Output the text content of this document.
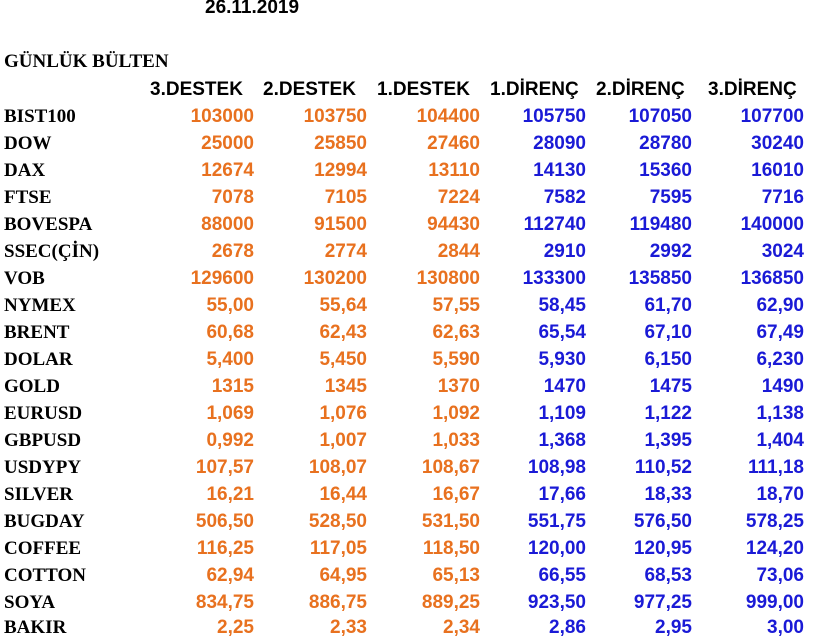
26.11.2019
GÜNLÜK BÜLTEN
3.DESTEK 2.DESTEK 1.DESTEK 1.DİRENÇ 2.DİRENÇ 3.DİRENÇ
BIST100	103000	103750	104400	105750	107050	107700
DOW	25000	25850	27460	28090	28780	30240
DAX	12674	12994	13110	14130	15360	16010
FTSE	7078	7105	7224	7582	7595	7716
BOVESPA	88000	91500	94430	112740	119480	140000
SSEC(ÇİN)	2678	2774	2844	2910	2992	3024
VOB	129600	130200	130800	133300	135850	136850
NYMEX	55,00	55,64	57,55	58,45	61,70	62,90
BRENT	60,68	62,43	62,63	65,54	67,10	67,49
DOLAR	5,400	5,450	5,590	5,930	6,150	6,230
GOLD	1315	1345	1370	1470	1475	1490
EURUSD	1,069	1,076	1,092	1,109	1,122	1,138
GBPUSD	0,992	1,007	1,033	1,368	1,395	1,404
USDYPY	107,57	108,07	108,67	108,98	110,52	111,18
SILVER	16,21	16,44	16,67	17,66	18,33	18,70
BUGDAY	506,50	528,50	531,50	551,75	576,50	578,25
COFFEE	116,25	117,05	118,50	120,00	120,95	124,20
COTTON	62,94	64,95	65,13	66,55	68,53	73,06
SOYA	834,75	886,75	889,25	923,50	977,25	999,00
BAKIR	2,25	2,33	2,34	2,86	2,95	3,00
